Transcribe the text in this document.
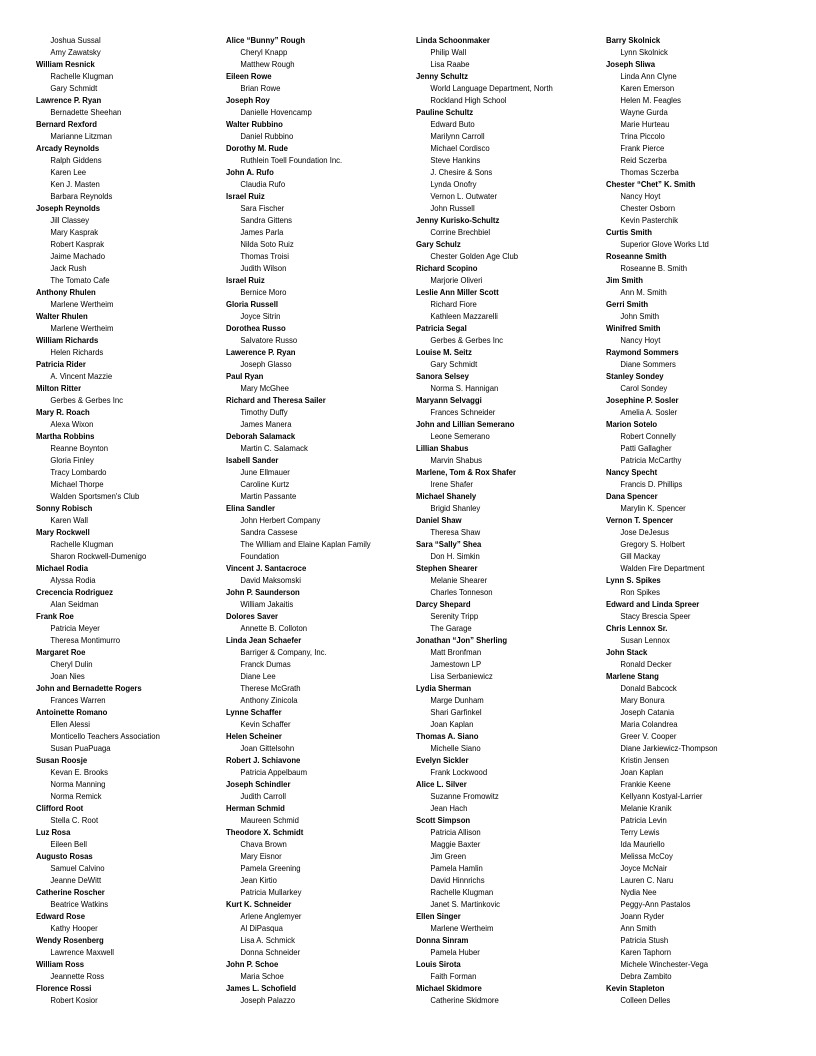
Joshua Sussal
Amy Zawatsky
William Resnick
Rachelle Klugman
Gary Schmidt
Lawrence P. Ryan
Bernadette Sheehan
Bernard Rexford
Marianne Litzman
Arcady Reynolds
Ralph Giddens
Karen Lee
Ken J. Masten
Barbara Reynolds
Joseph Reynolds
Jill Classey
Mary Kasprak
Robert Kasprak
Jaime Machado
Jack Rush
The Tomato Cafe
Anthony Rhulen
Marlene Wertheim
Walter Rhulen
Marlene Wertheim
William Richards
Helen Richards
Patricia Rider
A. Vincent Mazzie
Milton Ritter
Gerbes & Gerbes Inc
Mary R. Roach
Alexa Wixon
Martha Robbins
Reanne Boynton
Gloria Finley
Tracy Lombardo
Michael Thorpe
Walden Sportsmen's Club
Sonny Robisch
Karen Wall
Mary Rockwell
Rachelle Klugman
Sharon Rockwell-Dumenigo
Michael Rodia
Alyssa Rodia
Crecencia Rodriguez
Alan Seidman
Frank Roe
Patricia Meyer
Theresa Montimurro
Margaret Roe
Cheryl Dulin
Joan Nies
John and Bernadette Rogers
Frances Warren
Antoinette Romano
Ellen Alessi
Monticello Teachers Association
Susan PuaPuaga
Susan Roosje
Kevan E. Brooks
Norma Manning
Norma Remick
Clifford Root
Stella C. Root
Luz Rosa
Eileen Bell
Augusto Rosas
Samuel Calvino
Jeanne DeWitt
Catherine Roscher
Beatrice Watkins
Edward Rose
Kathy Hooper
Wendy Rosenberg
Lawrence Maxwell
William Ross
Jeannette Ross
Florence Rossi
Robert Kosior
Alice “Bunny” Rough
Cheryl Knapp
Matthew Rough
Eileen Rowe
Brian Rowe
Joseph Roy
Danielle Hovencamp
Walter Rubbino
Daniel Rubbino
Dorothy M. Rude
Ruthlein Toell Foundation Inc.
John A. Rufo
Claudia Rufo
Israel Ruiz
Sara Fischer
Sandra Gittens
James Parla
Nilda Soto Ruiz
Thomas Troisi
Judith Wilson
Israel Ruiz
Bernice Moro
Gloria Russell
Joyce Sitrin
Dorothea Russo
Salvatore Russo
Lawerence P. Ryan
Joseph Glasso
Paul Ryan
Mary McGhee
Richard and Theresa Sailer
Timothy Duffy
James Manera
Deborah Salamack
Martin C. Salamack
Isabell Sander
June Ellmauer
Caroline Kurtz
Martin Passante
Elina Sandler
John Herbert Company
Sandra Cassese
The William and Elaine Kaplan Family
Foundation
Vincent J. Santacroce
David Maksomski
John P. Saunderson
William Jakaitis
Dolores Saver
Annette B. Colloton
Linda Jean Schaefer
Barriger & Company, Inc.
Franck Dumas
Diane Lee
Therese McGrath
Anthony Zinicola
Lynne Schaffer
Kevin Schaffer
Helen Scheiner
Joan Gittelsohn
Robert J. Schiavone
Patricia Appelbaum
Joseph Schindler
Judith Carroll
Herman Schmid
Maureen Schmid
Theodore X. Schmidt
Chava Brown
Mary Eisnor
Pamela Greening
Jean Kirtio
Patricia Mullarkey
Kurt K. Schneider
Arlene Anglemyer
Al DiPasqua
Lisa A. Schmick
Donna Schneider
John P. Schoe
Maria Schoe
James L. Schofield
Joseph Palazzo
Linda Schoonmaker
Philip Wall
Lisa Raabe
Jenny Schultz
World Language Department, North
Rockland High School
Pauline Schultz
Edward Buto
Marilynn Carroll
Michael Cordisco
Steve Hankins
J. Chesire & Sons
Lynda Onofry
Vernon L. Outwater
John Russell
Jenny Kurisko-Schultz
Corrine Brechbiel
Gary Schulz
Chester Golden Age Club
Richard Scopino
Marjorie Oliveri
Leslie Ann Miller Scott
Richard Fiore
Kathleen Mazzarelli
Patricia Segal
Gerbes & Gerbes Inc
Louise M. Seitz
Gary Schmidt
Sanora Selsey
Norma S. Hannigan
Maryann Selvaggi
Frances Schneider
John and Lillian Semerano
Leone Semerano
Lillian Shabus
Marvin Shabus
Marlene, Tom & Rox Shafer
Irene Shafer
Michael Shanely
Brigid Shanley
Daniel Shaw
Theresa Shaw
Sara “Sally” Shea
Don H. Simkin
Stephen Shearer
Melanie Shearer
Charles Tonneson
Darcy Shepard
Serenity Tripp
The Garage
Jonathan “Jon” Sherling
Matt Bronfman
Jamestown LP
Lisa Serbaniewicz
Lydia Sherman
Marge Dunham
Shari Garfinkel
Joan Kaplan
Thomas A. Siano
Michelle Siano
Evelyn Sickler
Frank Lockwood
Alice L. Silver
Suzanne Fromowitz
Jean Hach
Scott Simpson
Patricia Allison
Maggie Baxter
Jim Green
Pamela Hamlin
David Hinnrichs
Rachelle Klugman
Janet S. Martinkovic
Ellen Singer
Marlene Wertheim
Donna Sinram
Pamela Huber
Louis Sirota
Faith Forman
Michael Skidmore
Catherine Skidmore
Barry Skolnick
Lynn Skolnick
Joseph Sliwa
Linda Ann Clyne
Karen Emerson
Helen M. Feagles
Wayne Gurda
Marie Hurteau
Trina Piccolo
Frank Pierce
Reid Sczerba
Thomas Sczerba
Chester “Chet” K. Smith
Nancy Hoyt
Chester Osborn
Kevin Pasterchik
Curtis Smith
Superior Glove Works Ltd
Roseanne Smith
Roseanne B. Smith
Jim Smith
Ann M. Smith
Gerri Smith
John Smith
Winifred Smith
Nancy Hoyt
Raymond Sommers
Diane Sommers
Stanley Sondey
Carol Sondey
Josephine P. Sosler
Amelia A. Sosler
Marion Sotelo
Robert Connelly
Patti Gallagher
Patricia McCarthy
Nancy Specht
Francis D. Phillips
Dana Spencer
Marylin K. Spencer
Vernon T. Spencer
Jose DeJesus
Gregory S. Holbert
Gill Mackay
Walden Fire Department
Lynn S. Spikes
Ron Spikes
Edward and Linda Spreer
Stacy Brescia Speer
Chris Lennox Sr.
Susan Lennox
John Stack
Ronald Decker
Marlene Stang
Donald Babcock
Mary Bonura
Joseph Catania
Maria Colandrea
Greer V. Cooper
Diane Jarkiewicz-Thompson
Kristin Jensen
Joan Kaplan
Frankie Keene
Kellyann Kostyal-Larrier
Melanie Kranik
Patricia Levin
Terry Lewis
Ida Mauriello
Melissa McCoy
Joyce McNair
Lauren C. Naru
Nydia Nee
Peggy-Ann Pastalos
Joann Ryder
Ann Smith
Patricia Stush
Karen Taphorn
Michele Winchester-Vega
Debra Zambito
Kevin Stapleton
Colleen Delles
